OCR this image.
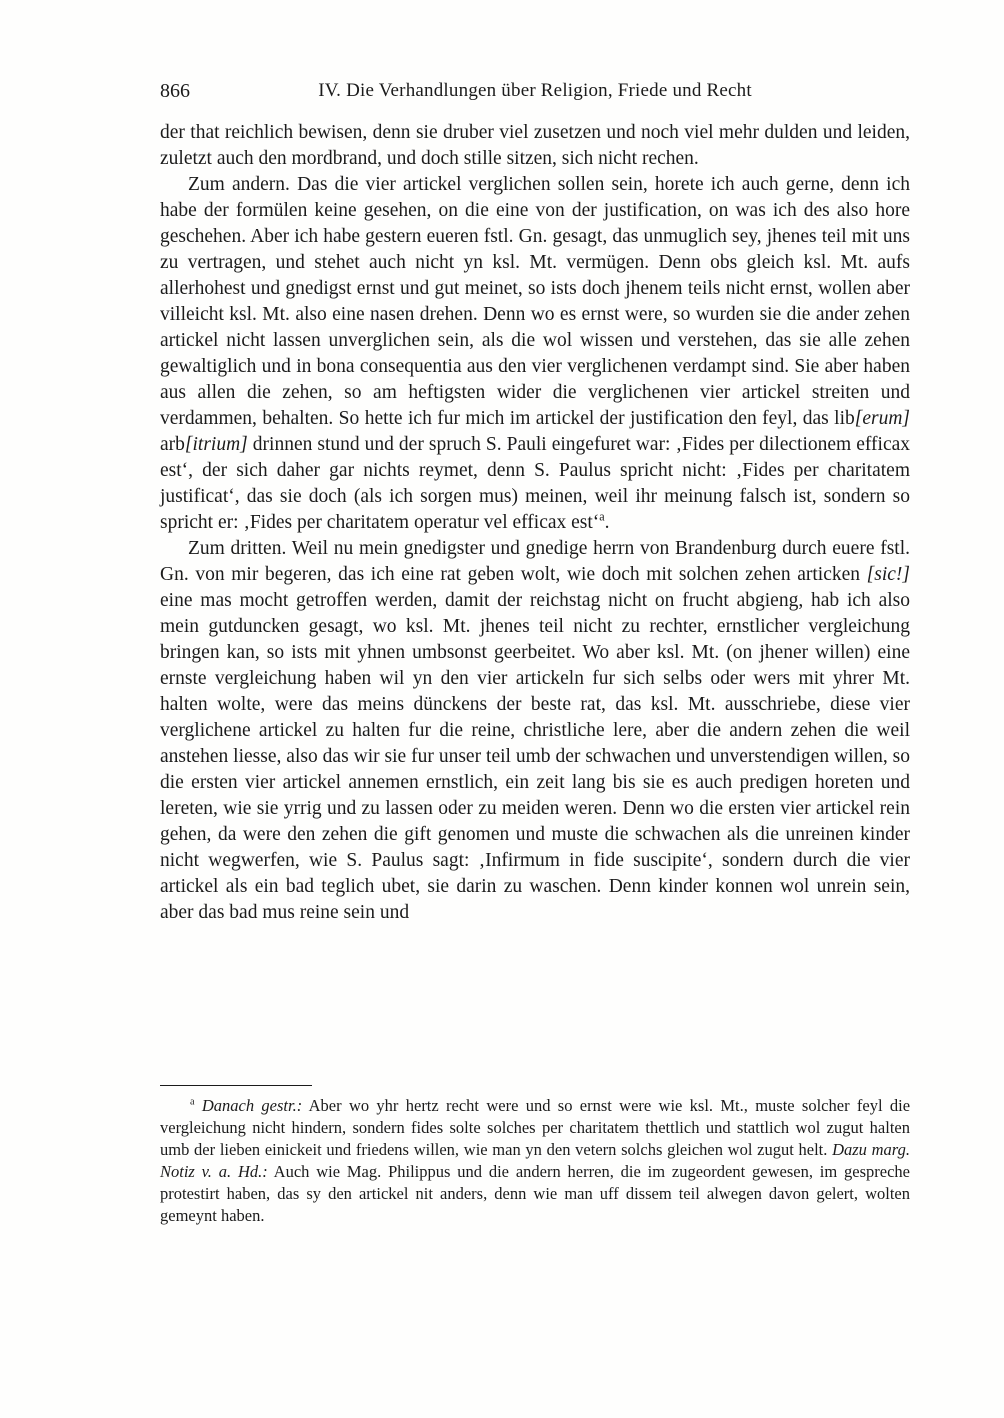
866	IV. Die Verhandlungen über Religion, Friede und Recht

der that reichlich bewisen, denn sie druber viel zusetzen und noch viel mehr dulden und leiden, zuletzt auch den mordbrand, und doch stille sitzen, sich nicht rechen.

Zum andern. Das die vier artickel verglichen sollen sein, horete ich auch gerne, denn ich habe der formülen keine gesehen, on die eine von der justification, on was ich des also hore geschehen. Aber ich habe gestern eueren fstl. Gn. gesagt, das unmuglich sey, jhenes teil mit uns zu vertragen, und stehet auch nicht yn ksl. Mt. vermügen. Denn obs gleich ksl. Mt. aufs allerhohest und gnedigst ernst und gut meinet, so ists doch jhenem teils nicht ernst, wollen aber villeicht ksl. Mt. also eine nasen drehen. Denn wo es ernst were, so wurden sie die ander zehen artickel nicht lassen unverglichen sein, als die wol wissen und verstehen, das sie alle zehen gewaltiglich und in bona consequentia aus den vier verglichenen verdampt sind. Sie aber haben aus allen die zehen, so am heftigsten wider die verglichenen vier artickel streiten und verdammen, behalten. So hette ich fur mich im artickel der justification den feyl, das lib[erum] arb[itrium] drinnen stund und der spruch S. Pauli eingefuret war: ‚Fides per dilectionem efficax est‘, der sich daher gar nichts reymet, denn S. Paulus spricht nicht: ‚Fides per charitatem justificat‘, das sie doch (als ich sorgen mus) meinen, weil ihr meinung falsch ist, sondern so spricht er: ‚Fides per charitatem operatur vel efficax est‘$^a$.

Zum dritten. Weil nu mein gnedigster und gnedige herrn von Brandenburg durch euere fstl. Gn. von mir begeren, das ich eine rat geben wolt, wie doch mit solchen zehen articken [sic!] eine mas mocht getroffen werden, damit der reichstag nicht on frucht abgieng, hab ich also mein gutduncken gesagt, wo ksl. Mt. jhenes teil nicht zu rechter, ernstlicher vergleichung bringen kan, so ists mit yhnen umbsonst geerbeitet. Wo aber ksl. Mt. (on jhener willen) eine ernste vergleichung haben wil yn den vier artickeln fur sich selbs oder wers mit yhrer Mt. halten wolte, were das meins dünckens der beste rat, das ksl. Mt. ausschriebe, diese vier verglichene artickel zu halten fur die reine, christliche lere, aber die andern zehen die weil anstehen liesse, also das wir sie fur unser teil umb der schwachen und unverstendigen willen, so die ersten vier artickel annemen ernstlich, ein zeit lang bis sie es auch predigen horeten und lereten, wie sie yrrig und zu lassen oder zu meiden weren. Denn wo die ersten vier artickel rein gehen, da were den zehen die gift genomen und muste die schwachen als die unreinen kinder nicht wegwerfen, wie S. Paulus sagt: ‚Infirmum in fide suscipite‘, sondern durch die vier artickel als ein bad teglich ubet, sie darin zu waschen. Denn kinder konnen wol unrein sein, aber das bad mus reine sein und

$^a$ Danach gestr.: Aber wo yhr hertz recht were und so ernst were wie ksl. Mt., muste solcher feyl die vergleichung nicht hindern, sondern fides solte solches per charitatem thettlich und stattlich wol zugut halten umb der lieben einickeit und friedens willen, wie man yn den vetern solchs gleichen wol zugut helt. Dazu marg. Notiz v. a. Hd.: Auch wie Mag. Philippus und die andern herren, die im zugeordent gewesen, im gespreche protestirt haben, das sy den artickel nit anders, denn wie man uff dissem teil alwegen davon gelert, wolten gemeynt haben.
